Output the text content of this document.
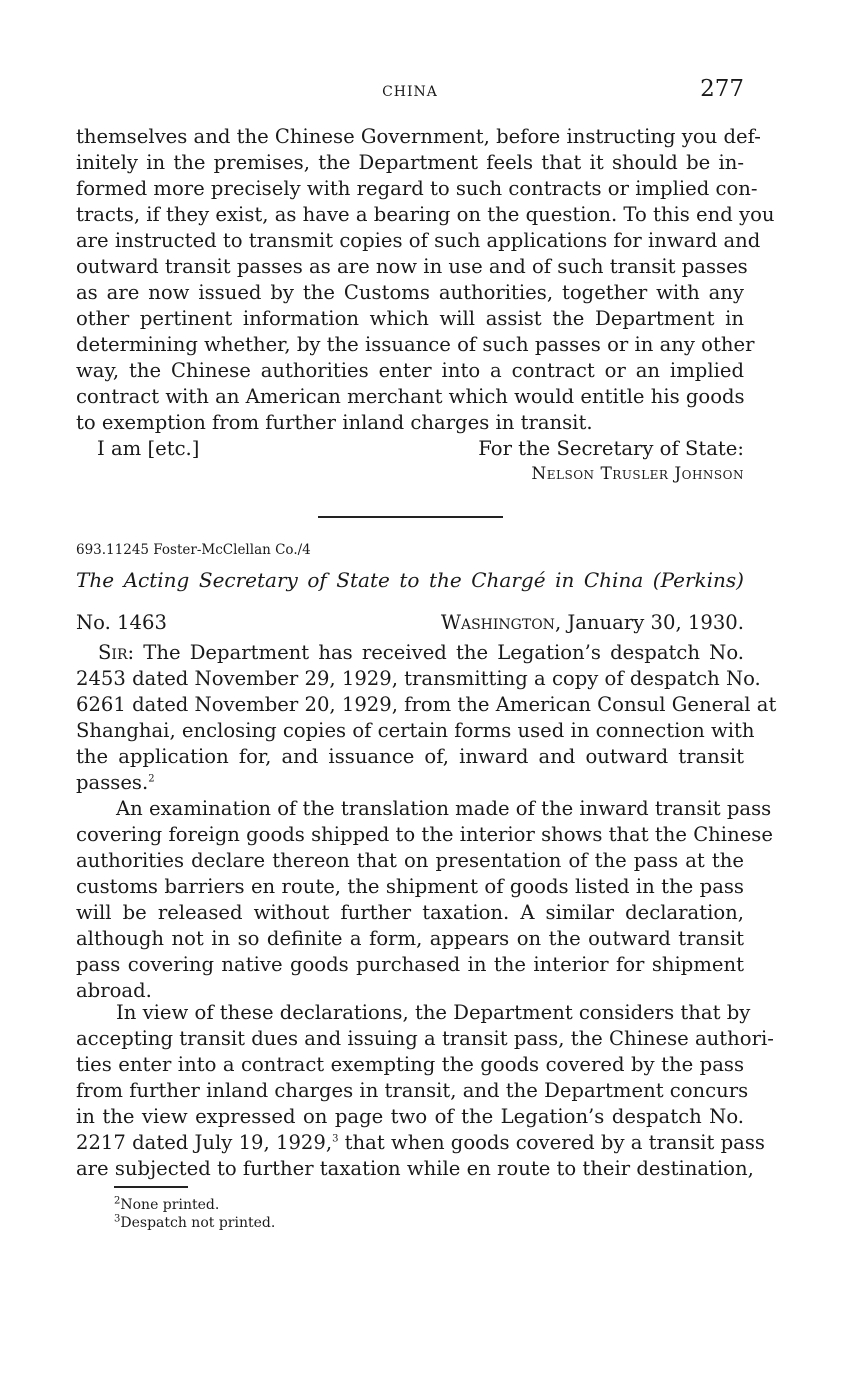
CHINA	277
themselves and the Chinese Government, before instructing you def-
initely in the premises, the Department feels that it should be in-
formed more precisely with regard to such contracts or implied con-
tracts, if they exist, as have a bearing on the question. To this end you
are instructed to transmit copies of such applications for inward and
outward transit passes as are now in use and of such transit passes
as are now issued by the Customs authorities, together with any
other pertinent information which will assist the Department in
determining whether, by the issuance of such passes or in any other
way, the Chinese authorities enter into a contract or an implied
contract with an American merchant which would entitle his goods
to exemption from further inland charges in transit.
I am [etc.]	For the Secretary of State:
Nelson Trusler Johnson
693.11245 Foster-McClellan Co./4
The Acting Secretary of State to the Chargé in China (Perkins)
No. 1463	Washington, January 30, 1930.
Sir: The Department has received the Legation’s despatch No.
2453 dated November 29, 1929, transmitting a copy of despatch No.
6261 dated November 20, 1929, from the American Consul General at
Shanghai, enclosing copies of certain forms used in connection with
the application for, and issuance of, inward and outward transit
passes.$^2$
An examination of the translation made of the inward transit pass
covering foreign goods shipped to the interior shows that the Chinese
authorities declare thereon that on presentation of the pass at the
customs barriers en route, the shipment of goods listed in the pass
will be released without further taxation. A similar declaration,
although not in so definite a form, appears on the outward transit
pass covering native goods purchased in the interior for shipment
abroad.
In view of these declarations, the Department considers that by
accepting transit dues and issuing a transit pass, the Chinese authori-
ties enter into a contract exempting the goods covered by the pass
from further inland charges in transit, and the Department concurs
in the view expressed on page two of the Legation’s despatch No.
2217 dated July 19, 1929,$^3$ that when goods covered by a transit pass
are subjected to further taxation while en route to their destination,
$^2$None printed.
$^3$Despatch not printed.
